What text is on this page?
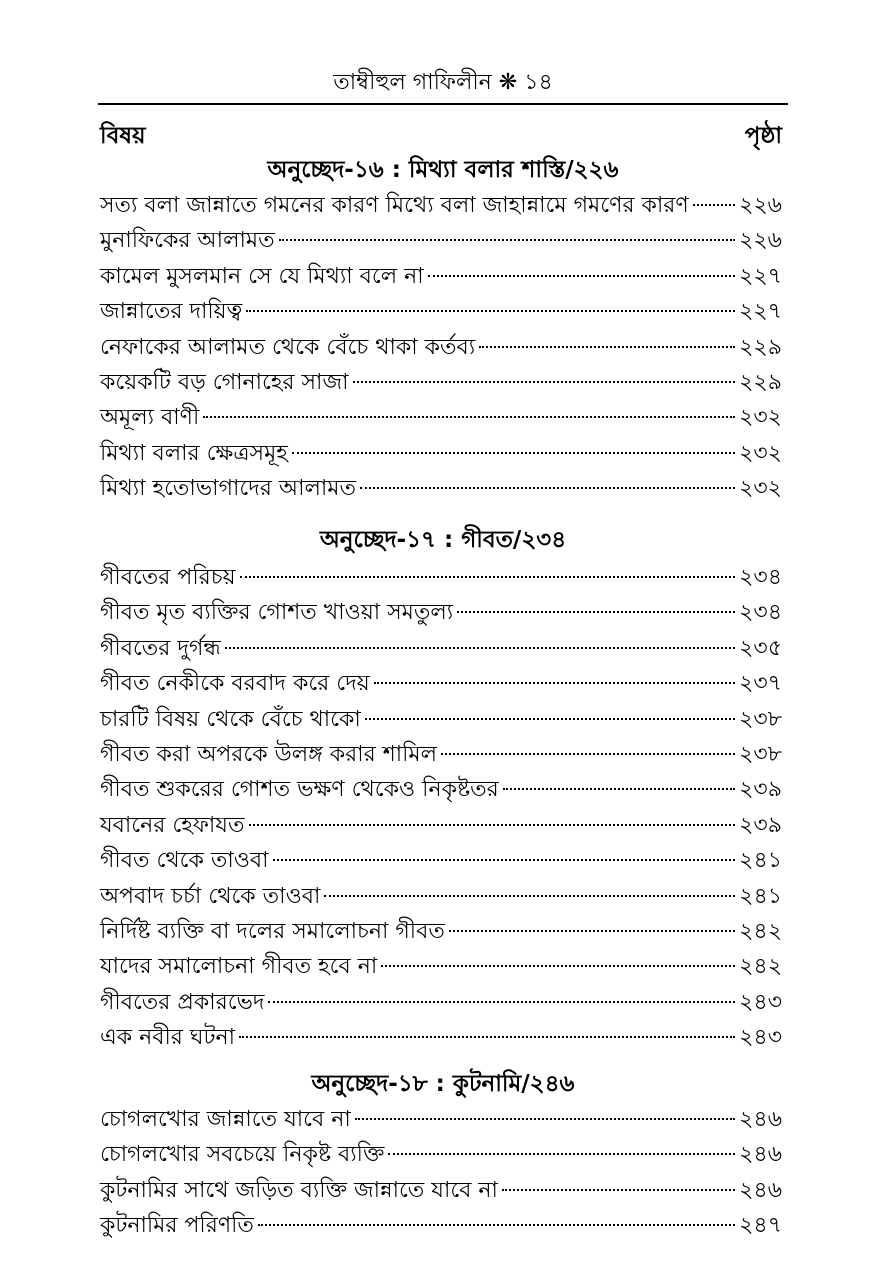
তাম্বীহুল গাফিলীন ❋ ১৪
বিষয়	পৃষ্ঠা
অনুচ্ছেদ-১৬ : মিথ্যা বলার শাস্তি/২২৬
সত্য বলা জান্নাতে গমনের কারণ মিথ্যে বলা জাহান্নামে গমণের কারণ ২২৬
মুনাফিকের আলামত	২২৬
কামেল মুসলমান সে যে মিথ্যা বলে না	২২৭
জান্নাতের দায়িত্ব	২২৭
নেফাকের আলামত থেকে বেঁচে থাকা কর্তব্য	২২৯
কয়েকটি বড় গোনাহের সাজা	২২৯
অমূল্য বাণী	২৩২
মিথ্যা বলার ক্ষেত্রসমূহ	২৩২
মিথ্যা হতোভাগাদের আলামত	২৩২
অনুচ্ছেদ-১৭ : গীবত/২৩৪
গীবতের পরিচয়	২৩৪
গীবত মৃত ব্যক্তির গোশত খাওয়া সমতুল্য	২৩৪
গীবতের দুর্গন্ধ	২৩৫
গীবত নেকীকে বরবাদ করে দেয়	২৩৭
চারটি বিষয় থেকে বেঁচে থাকো	২৩৮
গীবত করা অপরকে উলঙ্গ করার শামিল	২৩৮
গীবত শুকরের গোশত ভক্ষণ থেকেও নিকৃষ্টতর	২৩৯
যবানের হেফাযত	২৩৯
গীবত থেকে তাওবা	২৪১
অপবাদ চর্চা থেকে তাওবা	২৪১
নির্দিষ্ট ব্যক্তি বা দলের সমালোচনা গীবত	২৪২
যাদের সমালোচনা গীবত হবে না	২৪২
গীবতের প্রকারভেদ	২৪৩
এক নবীর ঘটনা	২৪৩
অনুচ্ছেদ-১৮ : কুটনামি/২৪৬
চোগলখোর জান্নাতে যাবে না	২৪৬
চোগলখোর সবচেয়ে নিকৃষ্ট ব্যক্তি	২৪৬
কুটনামির সাথে জড়িত ব্যক্তি জান্নাতে যাবে না	২৪৬
কুটনামির পরিণতি	২৪৭
